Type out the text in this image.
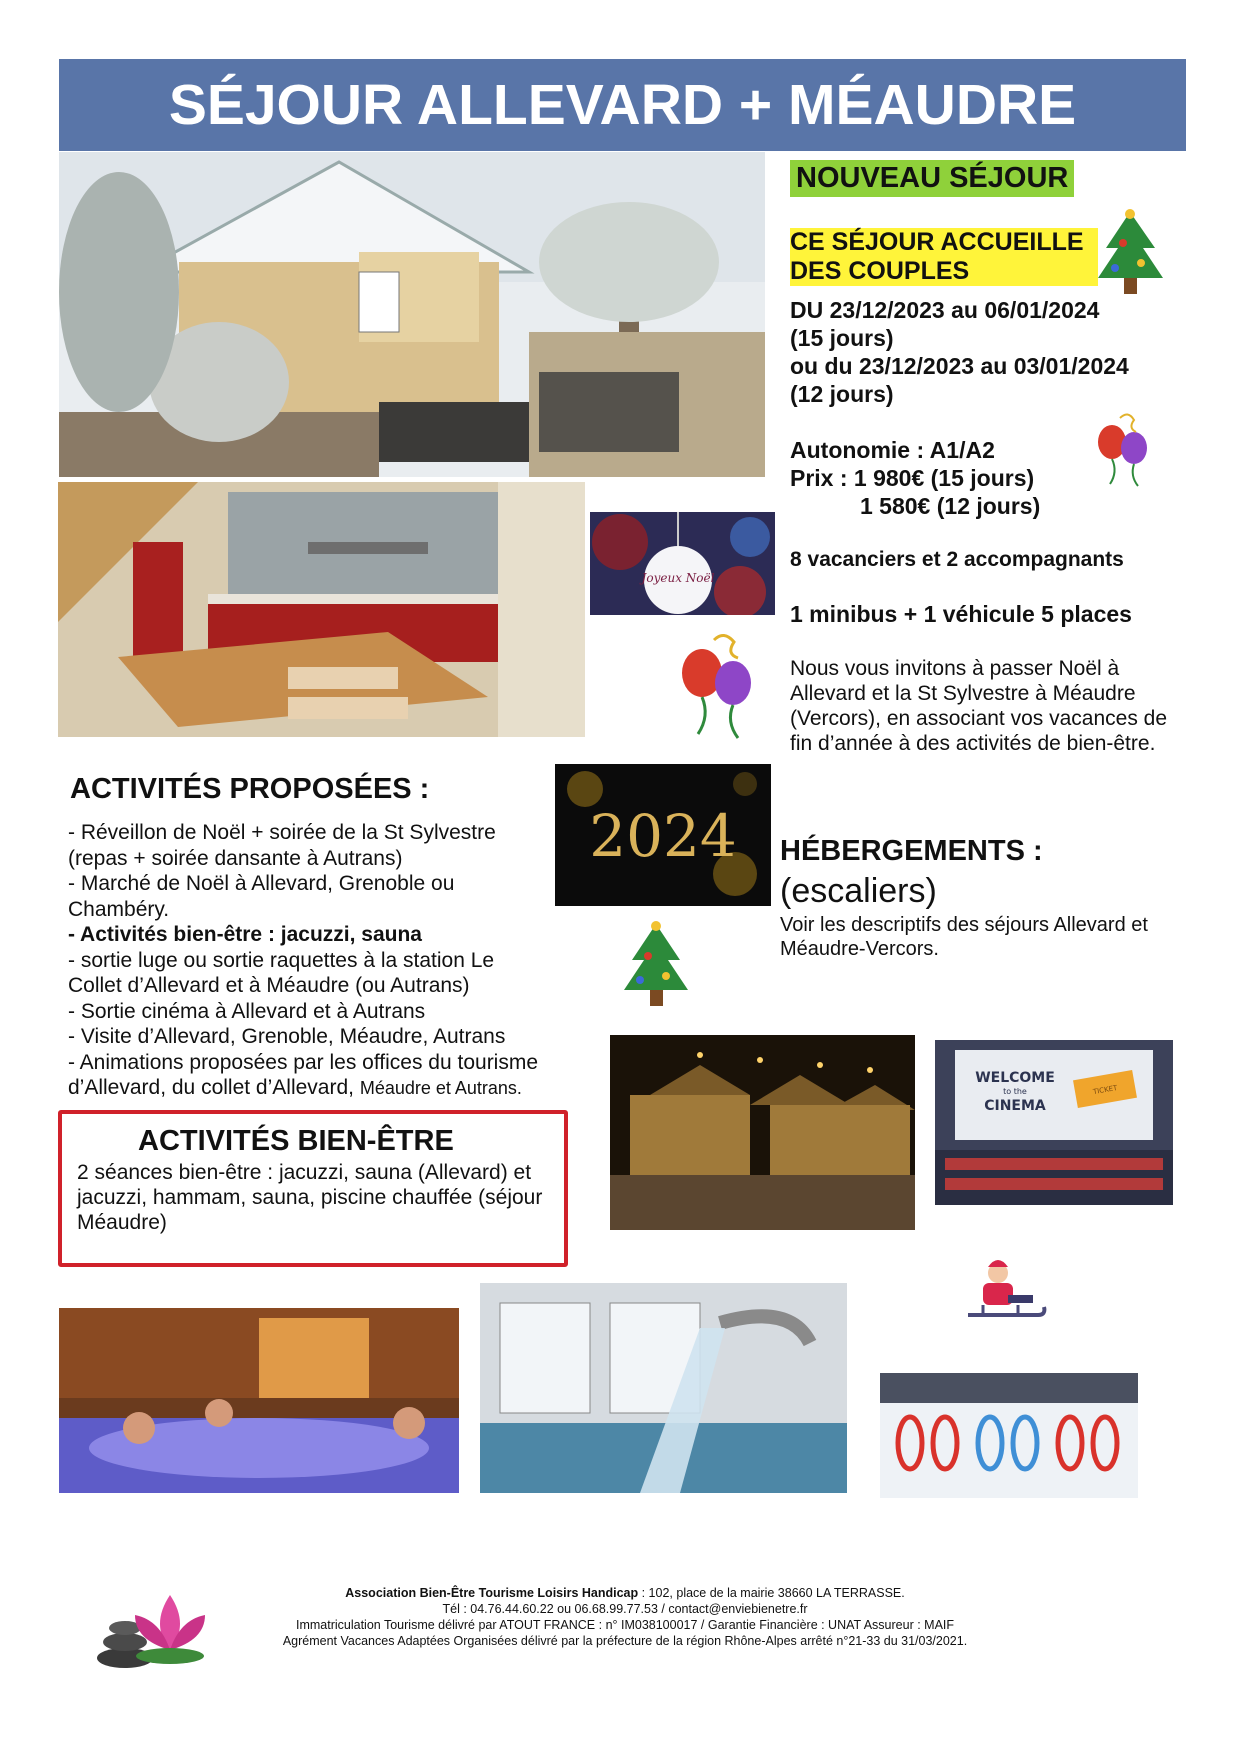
SÉJOUR ALLEVARD + MÉAUDRE
Joyeux Noël
2024
WELCOME
to the
CINEMA
TICKET
NOUVEAU SÉJOUR
CE SÉJOUR ACCUEILLE
DES COUPLES
DU 23/12/2023 au 06/01/2024
(15 jours)
ou du 23/12/2023 au 03/01/2024
(12 jours)
Autonomie : A1/A2
Prix : 1 980€ (15 jours)
1 580€ (12 jours)
8 vacanciers et 2 accompagnants
1 minibus + 1 véhicule 5 places
Nous vous invitons à passer Noël à Allevard et la St Sylvestre à Méaudre (Vercors), en associant vos vacances de fin d’année à des activités de bien-être.
ACTIVITÉS PROPOSÉES :
- Réveillon de Noël + soirée de la St Sylvestre
(repas + soirée dansante à Autrans)
- Marché de Noël à Allevard, Grenoble ou
Chambéry.
- Activités bien-être : jacuzzi, sauna
- sortie luge ou sortie raquettes à la station Le
Collet d’Allevard et à Méaudre (ou Autrans)
- Sortie cinéma à Allevard et à Autrans
- Visite d’Allevard, Grenoble, Méaudre, Autrans
- Animations proposées par les offices du tourisme
d’Allevard, du collet d’Allevard, Méaudre et Autrans.
HÉBERGEMENTS :
(escaliers)
Voir les descriptifs des séjours Allevard et Méaudre-Vercors.
ACTIVITÉS BIEN-ÊTRE
2 séances bien-être : jacuzzi, sauna (Allevard) et jacuzzi, hammam, sauna, piscine chauffée (séjour Méaudre)
Association Bien-Être Tourisme Loisirs Handicap : 102, place de la mairie 38660 LA TERRASSE.
Tél : 04.76.44.60.22 ou 06.68.99.77.53 / contact@enviebienetre.fr
Immatriculation Tourisme délivré par ATOUT FRANCE : n° IM038100017 / Garantie Financière : UNAT Assureur : MAIF
Agrément Vacances Adaptées Organisées délivré par la préfecture de la région Rhône-Alpes arrêté n°21-33 du 31/03/2021.
